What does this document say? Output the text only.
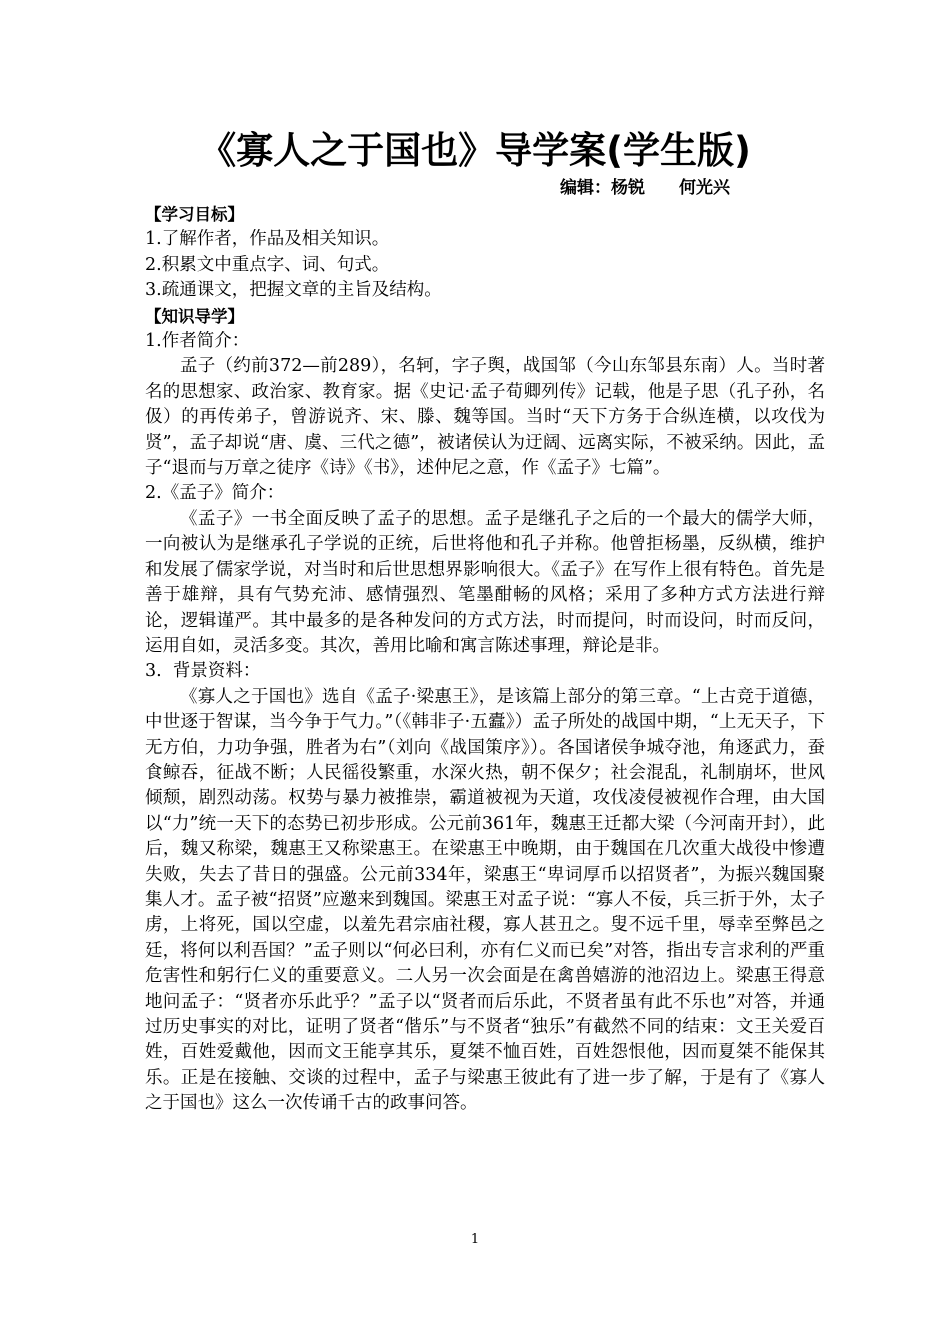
《寡人之于国也》导学案(学生版)
编辑：杨锐　　何光兴

【学习目标】

1.了解作者，作品及相关知识。

2.积累文中重点字、词、句式。

3.疏通课文，把握文章的主旨及结构。

【知识导学】

1.作者简介：

孟子（约前372—前289），名轲，字子舆，战国邹（今山东邹县东南）人。当时著名的思想家、政治家、教育家。据《史记·孟子荀卿列传》记载，他是子思（孔子孙，名伋）的再传弟子，曾游说齐、宋、滕、魏等国。当时“天下方务于合纵连横，以攻伐为贤”，孟子却说“唐、虞、三代之德”，被诸侯认为迂阔、远离实际，不被采纳。因此，孟子“退而与万章之徒序《诗》《书》，述仲尼之意，作《孟子》七篇”。

2.《孟子》简介：

《孟子》一书全面反映了孟子的思想。孟子是继孔子之后的一个最大的儒学大师，一向被认为是继承孔子学说的正统，后世将他和孔子并称。他曾拒杨墨，反纵横，维护和发展了儒家学说，对当时和后世思想界影响很大。《孟子》在写作上很有特色。首先是善于雄辩，具有气势充沛、感情强烈、笔墨酣畅的风格；采用了多种方式方法进行辩论，逻辑谨严。其中最多的是各种发问的方式方法，时而提问，时而设问，时而反问，运用自如，灵活多变。其次，善用比喻和寓言陈述事理，辩论是非。

3.  背景资料：

《寡人之于国也》选自《孟子·梁惠王》，是该篇上部分的第三章。“上古竞于道德，中世逐于智谋，当今争于气力。”（《韩非子·五蠹》）孟子所处的战国中期，“上无天子，下无方伯，力功争强，胜者为右”（刘向《战国策序》）。各国诸侯争城夺池，角逐武力，蚕食鲸吞，征战不断；人民徭役繁重，水深火热，朝不保夕；社会混乱，礼制崩坏，世风倾颓，剧烈动荡。权势与暴力被推崇，霸道被视为天道，攻伐凌侵被视作合理，由大国以“力”统一天下的态势已初步形成。公元前361年，魏惠王迁都大梁（今河南开封），此后，魏又称梁，魏惠王又称梁惠王。在梁惠王中晚期，由于魏国在几次重大战役中惨遭失败，失去了昔日的强盛。公元前334年，梁惠王“卑词厚币以招贤者”，为振兴魏国聚集人才。孟子被“招贤”应邀来到魏国。梁惠王对孟子说：“寡人不佞，兵三折于外，太子虏，上将死，国以空虚，以羞先君宗庙社稷，寡人甚丑之。叟不远千里，辱幸至弊邑之廷，将何以利吾国？”孟子则以“何必曰利，亦有仁义而已矣”对答，指出专言求利的严重危害性和躬行仁义的重要意义。二人另一次会面是在禽兽嬉游的池沼边上。梁惠王得意地问孟子：“贤者亦乐此乎？”孟子以“贤者而后乐此，不贤者虽有此不乐也”对答，并通过历史事实的对比，证明了贤者“偕乐”与不贤者“独乐”有截然不同的结束：文王关爱百姓，百姓爱戴他，因而文王能享其乐，夏桀不恤百姓，百姓怨恨他，因而夏桀不能保其乐。正是在接触、交谈的过程中，孟子与梁惠王彼此有了进一步了解，于是有了《寡人之于国也》这么一次传诵千古的政事问答。

1
